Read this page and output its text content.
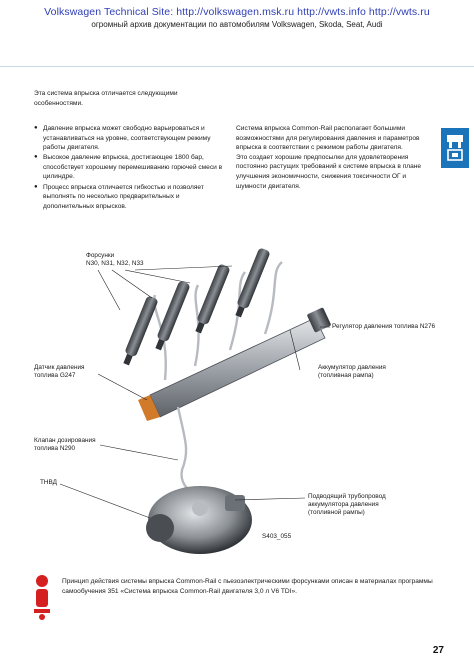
Volkswagen Technical Site: http://volkswagen.msk.ru http://vwts.info http://vwts.ru
огромный архив документации по автомобилям Volkswagen, Skoda, Seat, Audi
Эта система впрыска отличается следующими особенностями.
● Давление впрыска может свободно варьироваться и устанавливаться на уровне, соответствующем режиму работы двигателя.
● Высокое давление впрыска, достигающее 1800 бар, способствует хорошему перемешиванию горючей смеси в цилиндре.
● Процесс впрыска отличается гибкостью и позволяет выполнять по несколько предварительных и дополнительных впрысков.

Система впрыска Common-Rail располагает большими возможностями для регулирования давления и параметров впрыска в соответствии с режимом работы двигателя.

Это создает хорошие предпосылки для удовлетворения постоянно растущих требований к системе впрыска в плане улучшения экономичности, снижения токсичности ОГ и шумности двигателя.

Форсунки
N30, N31, N32, N33
Регулятор давления топлива N276
Аккумулятор давления
(топливная рампа)
Датчик давления
топлива G247
Клапан дозирования
топлива N290
ТНВД
Подводящий трубопровод
аккумулятора давления
(топливной рампы)
S403_055
Принцип действия системы впрыска Common-Rail с пьезоэлектрическими форсунками описан в материалах программы самообучения 351 «Система впрыска Common-Rail двигателя 3,0 л V6 TDI».
27
